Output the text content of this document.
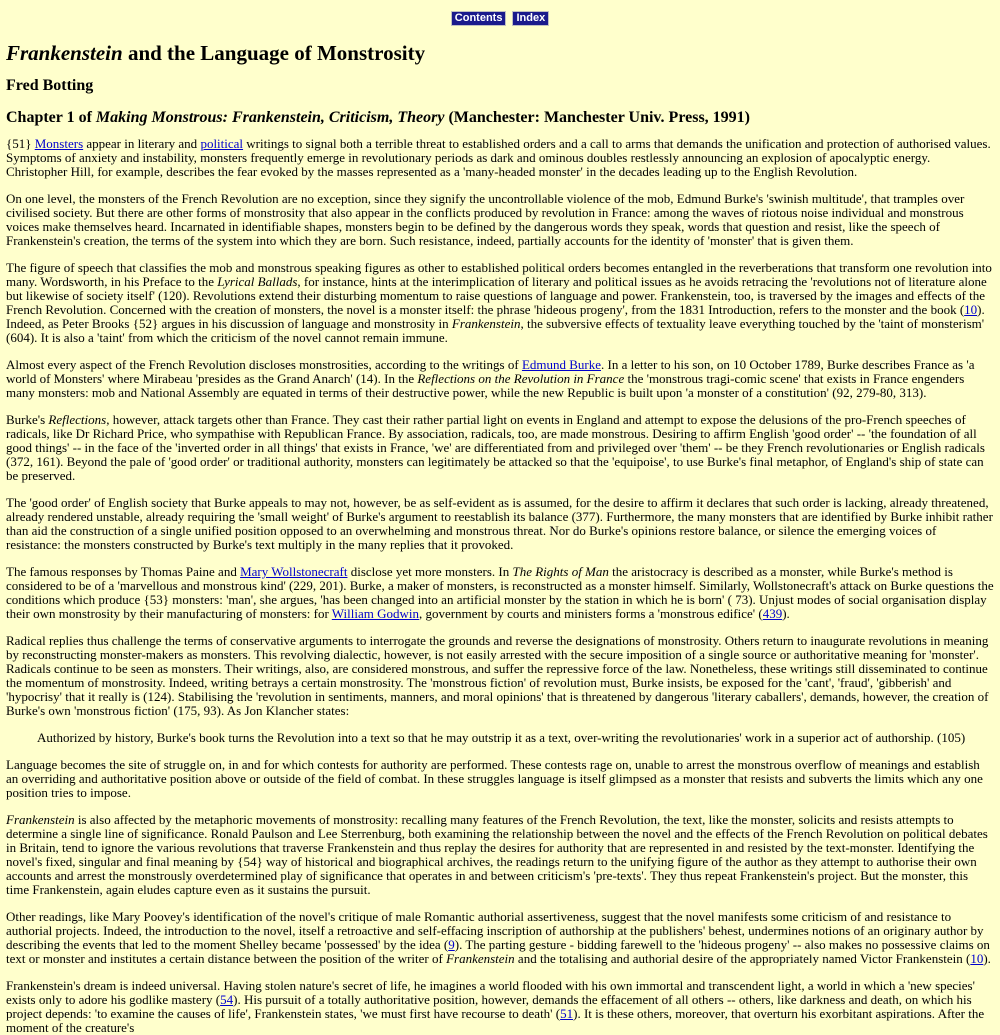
Contents Index
Frankenstein and the Language of Monstrosity
Fred Botting
Chapter 1 of Making Monstrous: Frankenstein, Criticism, Theory (Manchester: Manchester Univ. Press, 1991)

{51} Monsters appear in literary and political writings to signal both a terrible threat to established orders and a call to arms that demands the unification and protection of authorised values. Symptoms of anxiety and instability, monsters frequently emerge in revolutionary periods as dark and ominous doubles restlessly announcing an explosion of apocalyptic energy. Christopher Hill, for example, describes the fear evoked by the masses represented as a 'many-headed monster' in the decades leading up to the English Revolution.

On one level, the monsters of the French Revolution are no exception, since they signify the uncontrollable violence of the mob, Edmund Burke's 'swinish multitude', that tramples over civilised society. But there are other forms of monstrosity that also appear in the conflicts produced by revolution in France: among the waves of riotous noise individual and monstrous voices make themselves heard. Incarnated in identifiable shapes, monsters begin to be defined by the dangerous words they speak, words that question and resist, like the speech of Frankenstein's creation, the terms of the system into which they are born. Such resistance, indeed, partially accounts for the identity of 'monster' that is given them.

The figure of speech that classifies the mob and monstrous speaking figures as other to established political orders becomes entangled in the reverberations that transform one revolution into many. Wordsworth, in his Preface to the Lyrical Ballads, for instance, hints at the interimplication of literary and political issues as he avoids retracing the 'revolutions not of literature alone but likewise of society itself' (120). Revolutions extend their disturbing momentum to raise questions of language and power. Frankenstein, too, is traversed by the images and effects of the French Revolution. Concerned with the creation of monsters, the novel is a monster itself: the phrase 'hideous progeny', from the 1831 Introduction, refers to the monster and the book (10). Indeed, as Peter Brooks {52} argues in his discussion of language and monstrosity in Frankenstein, the subversive effects of textuality leave everything touched by the 'taint of monsterism' (604). It is also a 'taint' from which the criticism of the novel cannot remain immune.

Almost every aspect of the French Revolution discloses monstrosities, according to the writings of Edmund Burke. In a letter to his son, on 10 October 1789, Burke describes France as 'a world of Monsters' where Mirabeau 'presides as the Grand Anarch' (14). In the Reflections on the Revolution in France the 'monstrous tragi-comic scene' that exists in France engenders many monsters: mob and National Assembly are equated in terms of their destructive power, while the new Republic is built upon 'a monster of a constitution' (92, 279-80, 313).

Burke's Reflections, however, attack targets other than France. They cast their rather partial light on events in England and attempt to expose the delusions of the pro-French speeches of radicals, like Dr Richard Price, who sympathise with Republican France. By association, radicals, too, are made monstrous. Desiring to affirm English 'good order' -- 'the foundation of all good things' -- in the face of the 'inverted order in all things' that exists in France, 'we' are differentiated from and privileged over 'them' -- be they French revolutionaries or English radicals (372, 161). Beyond the pale of 'good order' or traditional authority, monsters can legitimately be attacked so that the 'equipoise', to use Burke's final metaphor, of England's ship of state can be preserved.

The 'good order' of English society that Burke appeals to may not, however, be as self-evident as is assumed, for the desire to affirm it declares that such order is lacking, already threatened, already rendered unstable, already requiring the 'small weight' of Burke's argument to reestablish its balance (377). Furthermore, the many monsters that are identified by Burke inhibit rather than aid the construction of a single unified position opposed to an overwhelming and monstrous threat. Nor do Burke's opinions restore balance, or silence the emerging voices of resistance: the monsters constructed by Burke's text multiply in the many replies that it provoked.

The famous responses by Thomas Paine and Mary Wollstonecraft disclose yet more monsters. In The Rights of Man the aristocracy is described as a monster, while Burke's method is considered to be of a 'marvellous and monstrous kind' (229, 201). Burke, a maker of monsters, is reconstructed as a monster himself. Similarly, Wollstonecraft's attack on Burke questions the conditions which produce {53} monsters: 'man', she argues, 'has been changed into an artificial monster by the station in which he is born' ( 73). Unjust modes of social organisation display their own monstrosity by their manufacturing of monsters: for William Godwin, government by courts and ministers forms a 'monstrous edifice' (439).

Radical replies thus challenge the terms of conservative arguments to interrogate the grounds and reverse the designations of monstrosity. Others return to inaugurate revolutions in meaning by reconstructing monster-makers as monsters. This revolving dialectic, however, is not easily arrested with the secure imposition of a single source or authoritative meaning for 'monster'. Radicals continue to be seen as monsters. Their writings, also, are considered monstrous, and suffer the repressive force of the law. Nonetheless, these writings still disseminated to continue the momentum of monstrosity. Indeed, writing betrays a certain monstrosity. The 'monstrous fiction' of revolution must, Burke insists, be exposed for the 'cant', 'fraud', 'gibberish' and 'hypocrisy' that it really is (124). Stabilising the 'revolution in sentiments, manners, and moral opinions' that is threatened by dangerous 'literary caballers', demands, however, the creation of Burke's own 'monstrous fiction' (175, 93). As Jon Klancher states:

Authorized by history, Burke's book turns the Revolution into a text so that he may outstrip it as a text, over-writing the revolutionaries' work in a superior act of authorship. (105)

Language becomes the site of struggle on, in and for which contests for authority are performed. These contests rage on, unable to arrest the monstrous overflow of meanings and establish an overriding and authoritative position above or outside of the field of combat. In these struggles language is itself glimpsed as a monster that resists and subverts the limits which any one position tries to impose.

Frankenstein is also affected by the metaphoric movements of monstrosity: recalling many features of the French Revolution, the text, like the monster, solicits and resists attempts to determine a single line of significance. Ronald Paulson and Lee Sterrenburg, both examining the relationship between the novel and the effects of the French Revolution on political debates in Britain, tend to ignore the various revolutions that traverse Frankenstein and thus replay the desires for authority that are represented in and resisted by the text-monster. Identifying the novel's fixed, singular and final meaning by {54} way of historical and biographical archives, the readings return to the unifying figure of the author as they attempt to authorise their own accounts and arrest the monstrously overdetermined play of significance that operates in and between criticism's 'pre-texts'. They thus repeat Frankenstein's project. But the monster, this time Frankenstein, again eludes capture even as it sustains the pursuit.

Other readings, like Mary Poovey's identification of the novel's critique of male Romantic authorial assertiveness, suggest that the novel manifests some criticism of and resistance to authorial projects. Indeed, the introduction to the novel, itself a retroactive and self-effacing inscription of authorship at the publishers' behest, undermines notions of an originary author by describing the events that led to the moment Shelley became 'possessed' by the idea (9). The parting gesture - bidding farewell to the 'hideous progeny' -- also makes no possessive claims on text or monster and institutes a certain distance between the position of the writer of Frankenstein and the totalising and authorial desire of the appropriately named Victor Frankenstein (10).

Frankenstein's dream is indeed universal. Having stolen nature's secret of life, he imagines a world flooded with his own immortal and transcendent light, a world in which a 'new species' exists only to adore his godlike mastery (54). His pursuit of a totally authoritative position, however, demands the effacement of all others -- others, like darkness and death, on which his project depends: 'to examine the causes of life', Frankenstein states, 'we must first have recourse to death' (51). It is these others, moreover, that overturn his exorbitant aspirations. After the moment of the creature's
